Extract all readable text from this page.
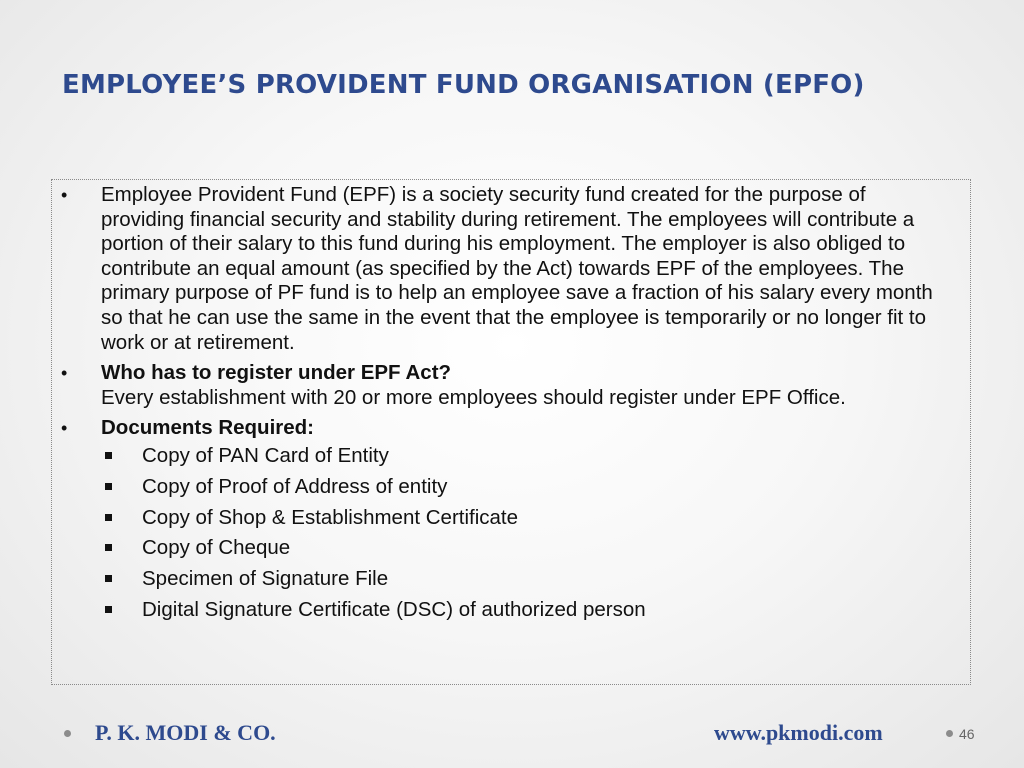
EMPLOYEE’S PROVIDENT FUND ORGANISATION (EPFO)
• Employee Provident Fund (EPF) is a society security fund created for the purpose of providing financial security and stability during retirement. The employees will contribute a portion of their salary to this fund during his employment. The employer is also obliged to contribute an equal amount (as specified by the Act) towards EPF of the employees. The primary purpose of PF fund is to help an employee save a fraction of his salary every month so that he can use the same in the event that the employee is temporarily or no longer fit to work or at retirement.
• Who has to register under EPF Act?
Every establishment with 20 or more employees should register under EPF Office.
• Documents Required:
Copy of PAN Card of Entity
Copy of Proof of Address of entity
Copy of Shop & Establishment Certificate
Copy of Cheque
Specimen of Signature File
Digital Signature Certificate (DSC) of authorized person
P. K. MODI & CO.	www.pkmodi.com	46
